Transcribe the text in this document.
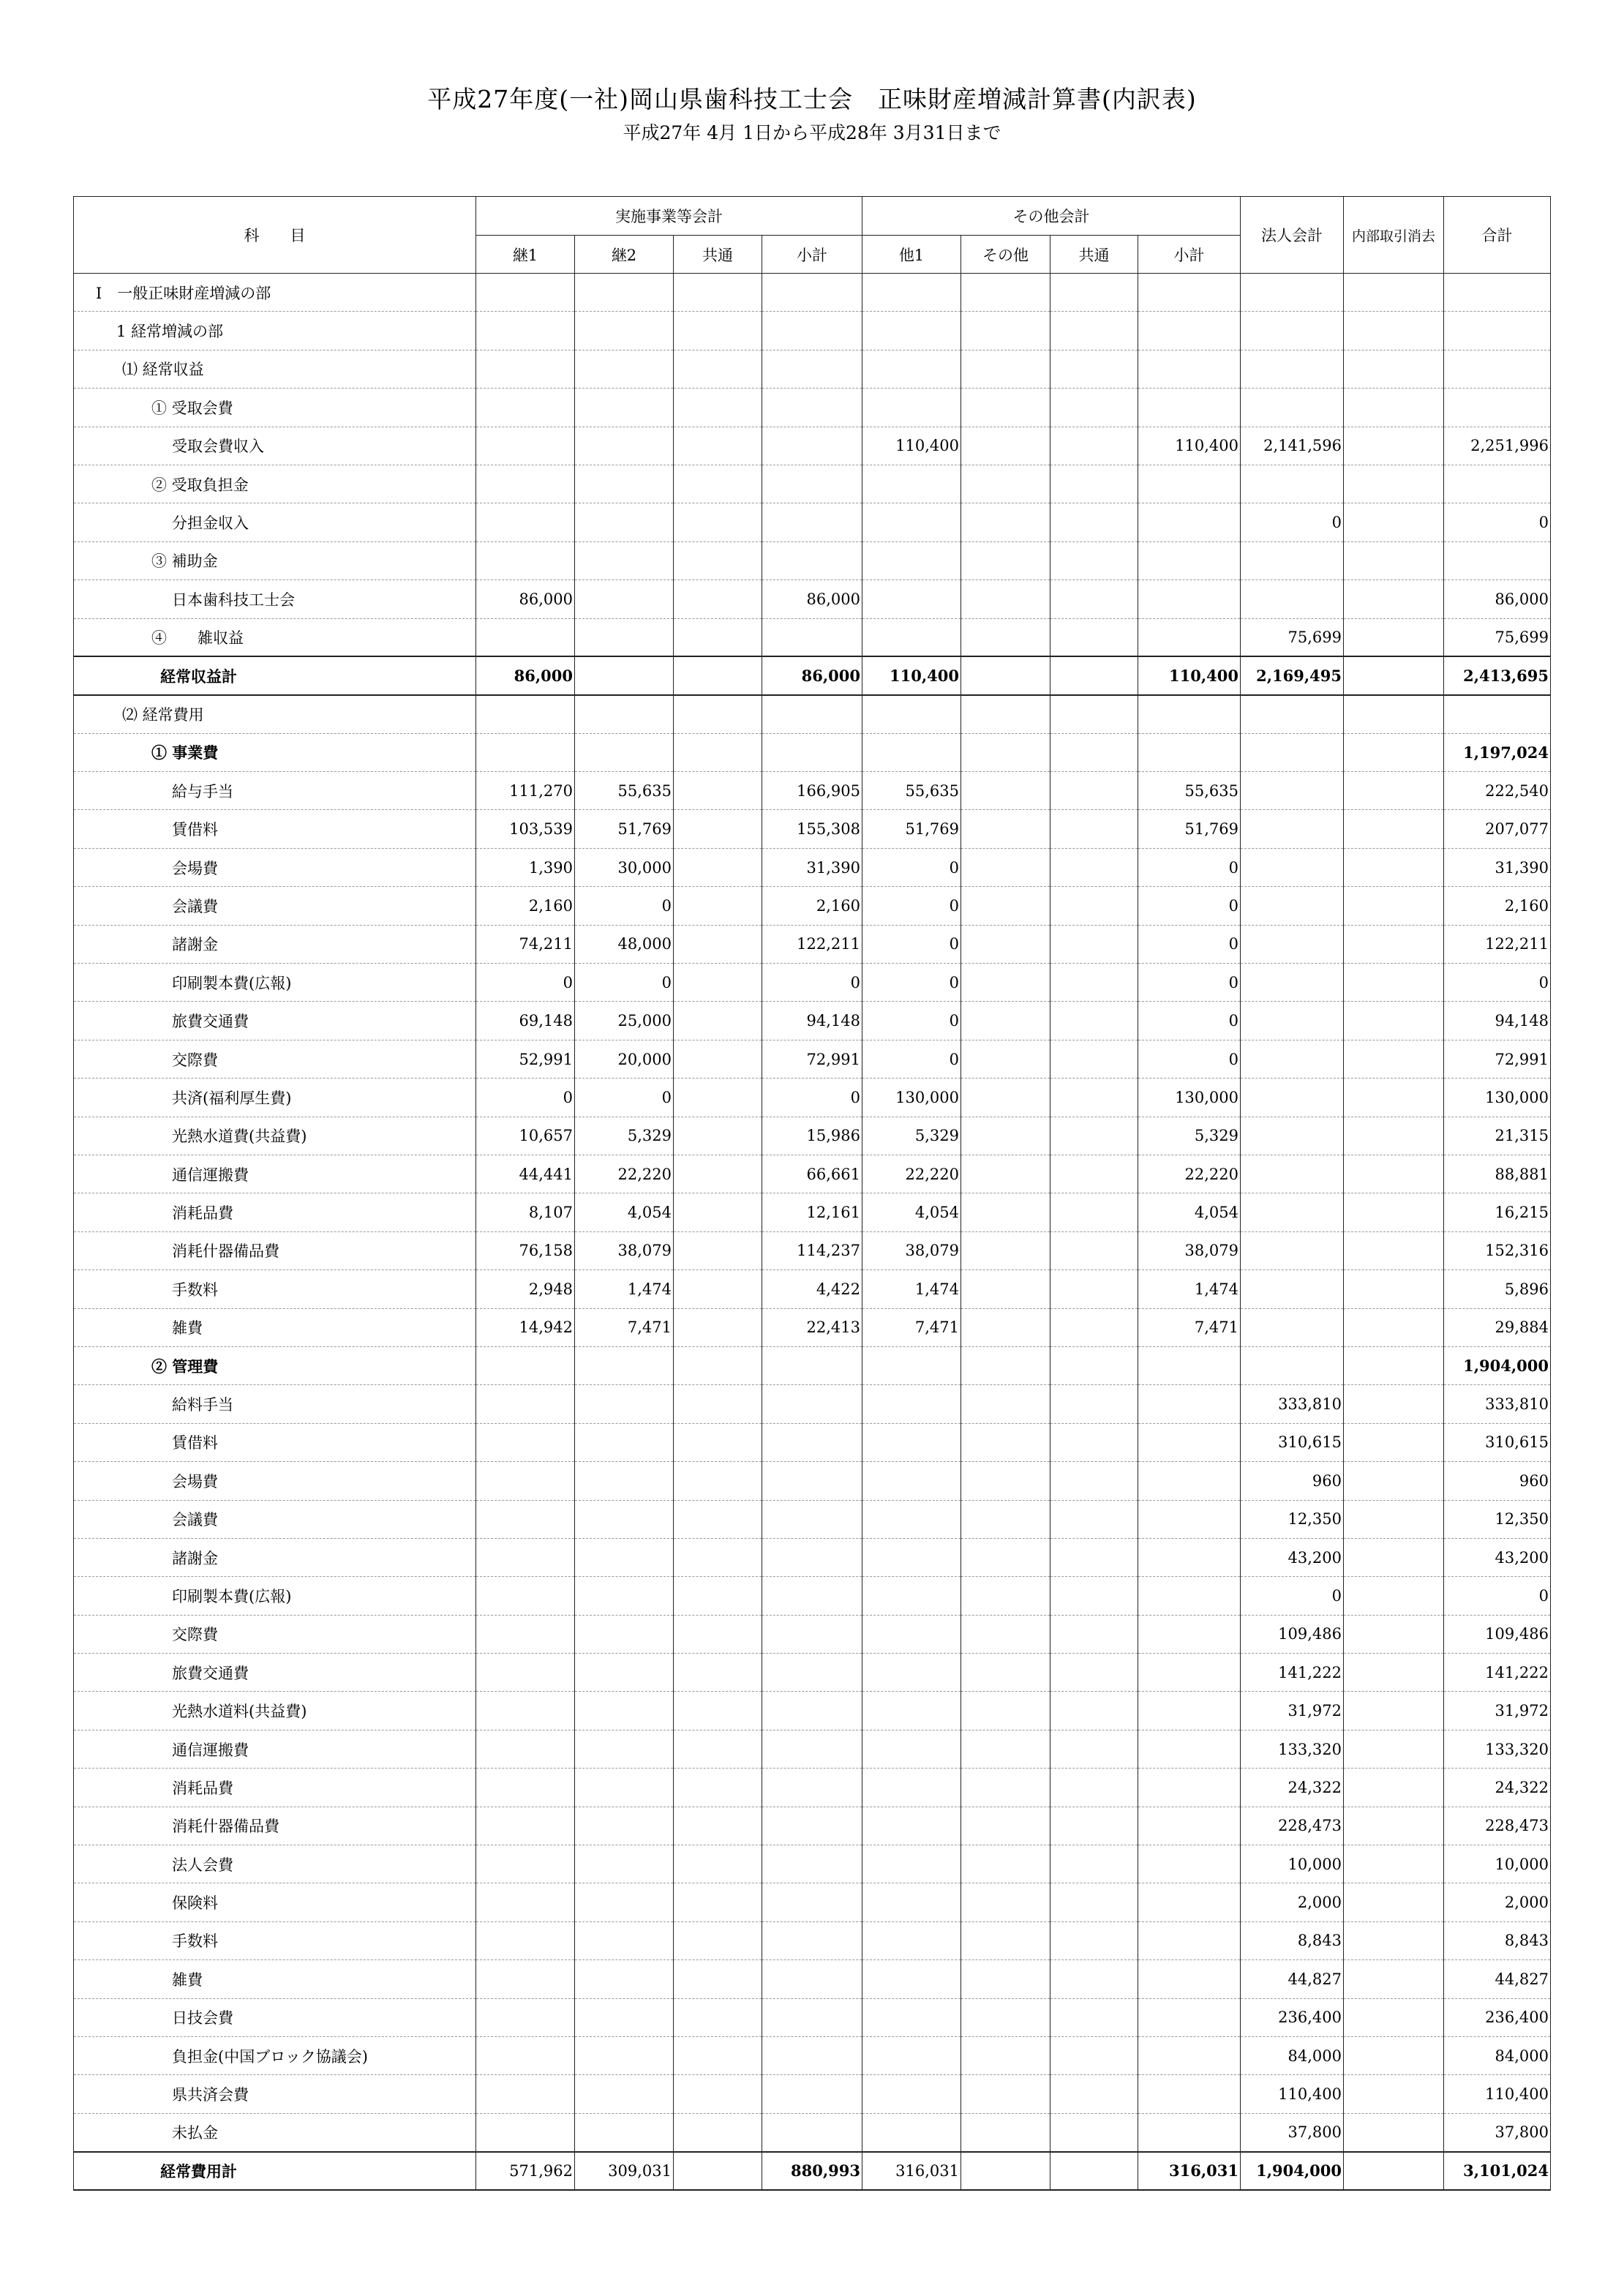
平成27年度(一社)岡山県歯科技工士会　正味財産増減計算書(内訳表)
平成27年 4月 1日から平成28年 3月31日まで
科　　目	実施事業等会計				その他会計				法人会計	内部取引消去	合計
	継1	継2	共通	小計	他1	その他	共通	小計			
Ⅰ　一般正味財産増減の部											
1 経常増減の部											
⑴ 経常収益											
① 受取会費											
受取会費収入					110,400			110,400	2,141,596		2,251,996
② 受取負担金											
分担金収入									0		0
③ 補助金											
日本歯科技工士会	86,000			86,000							86,000
④　　雑収益									75,699		75,699
経常収益計	86,000			86,000	110,400			110,400	2,169,495		2,413,695
⑵ 経常費用											
① 事業費											1,197,024
給与手当	111,270	55,635		166,905	55,635			55,635			222,540
賃借料	103,539	51,769		155,308	51,769			51,769			207,077
会場費	1,390	30,000		31,390	0			0			31,390
会議費	2,160	0		2,160	0			0			2,160
諸謝金	74,211	48,000		122,211	0			0			122,211
印刷製本費(広報)	0	0		0	0			0			0
旅費交通費	69,148	25,000		94,148	0			0			94,148
交際費	52,991	20,000		72,991	0			0			72,991
共済(福利厚生費)	0	0		0	130,000			130,000			130,000
光熱水道費(共益費)	10,657	5,329		15,986	5,329			5,329			21,315
通信運搬費	44,441	22,220		66,661	22,220			22,220			88,881
消耗品費	8,107	4,054		12,161	4,054			4,054			16,215
消耗什器備品費	76,158	38,079		114,237	38,079			38,079			152,316
手数料	2,948	1,474		4,422	1,474			1,474			5,896
雑費	14,942	7,471		22,413	7,471			7,471			29,884
② 管理費											1,904,000
給料手当									333,810		333,810
賃借料									310,615		310,615
会場費									960		960
会議費									12,350		12,350
諸謝金									43,200		43,200
印刷製本費(広報)									0		0
交際費									109,486		109,486
旅費交通費									141,222		141,222
光熱水道料(共益費)									31,972		31,972
通信運搬費									133,320		133,320
消耗品費									24,322		24,322
消耗什器備品費									228,473		228,473
法人会費									10,000		10,000
保険料									2,000		2,000
手数料									8,843		8,843
雑費									44,827		44,827
日技会費									236,400		236,400
負担金(中国ブロック協議会)									84,000		84,000
県共済会費									110,400		110,400
未払金									37,800		37,800
経常費用計	571,962	309,031		880,993	316,031			316,031	1,904,000		3,101,024
